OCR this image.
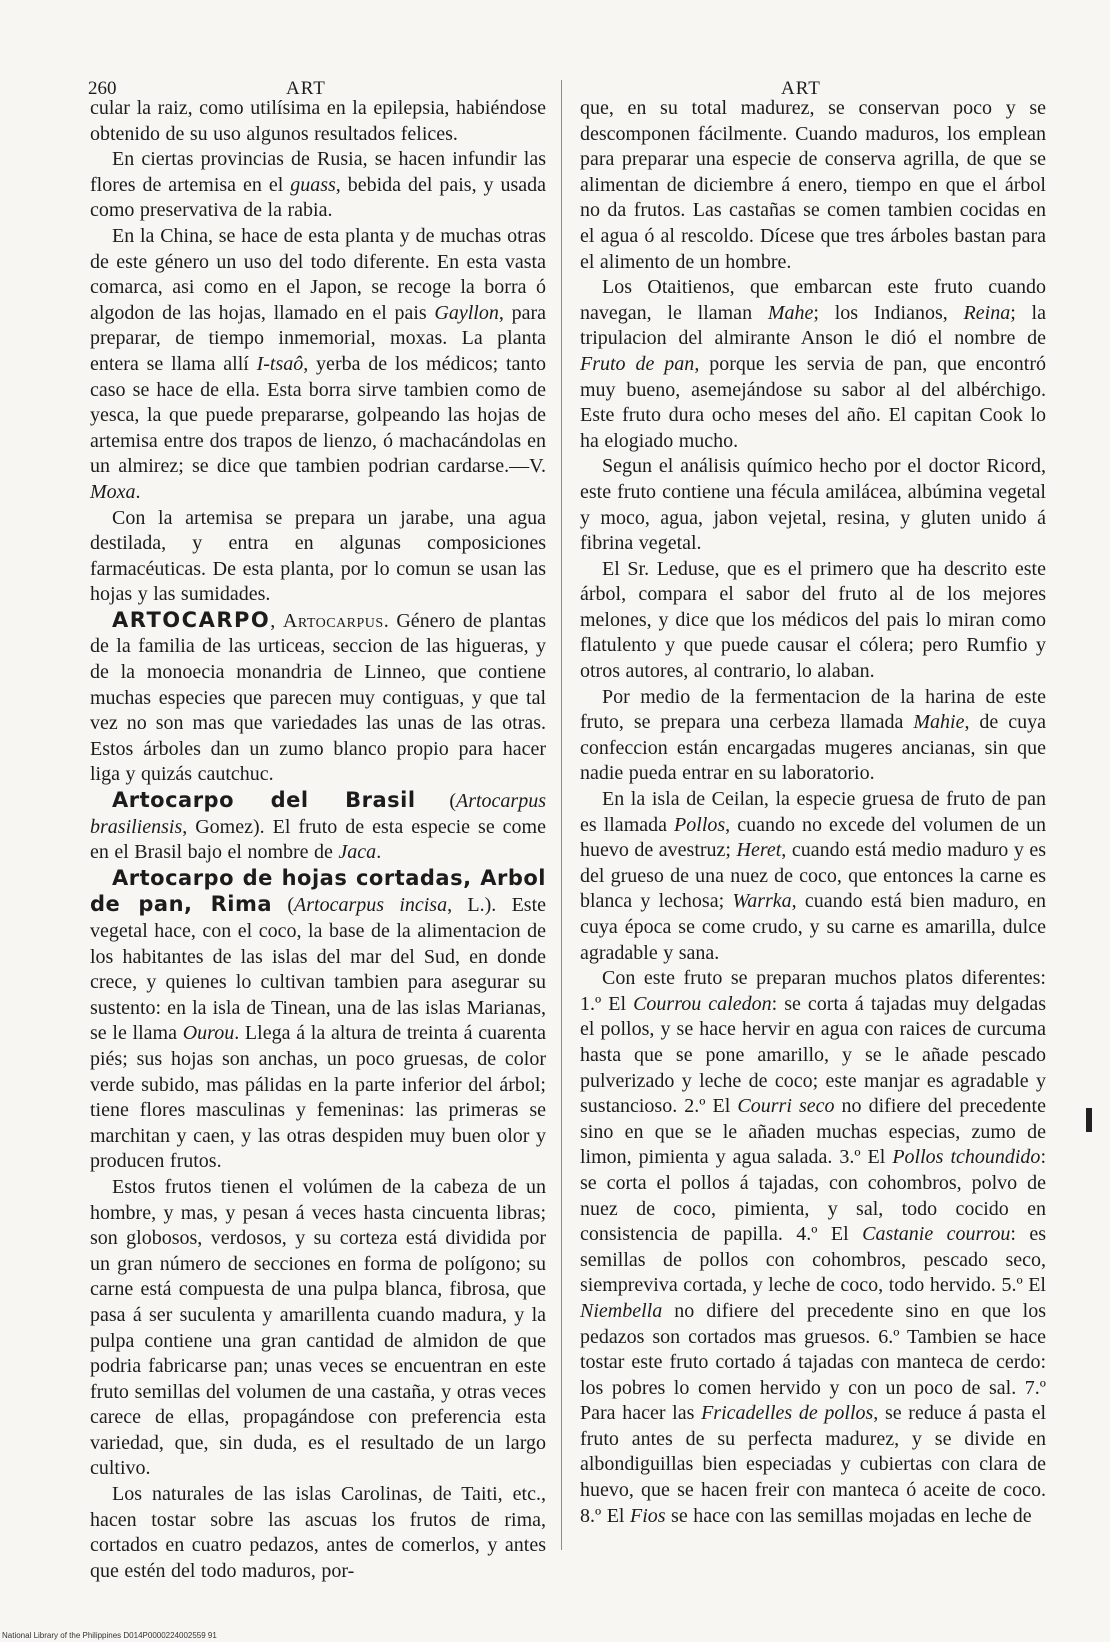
260	ART	ART

cular la raiz, como utilísima en la epilepsia, habiéndose obtenido de su uso algunos resultados felices.

En ciertas provincias de Rusia, se hacen infundir las flores de artemisa en el guass, bebida del pais, y usada como preservativa de la rabia.

En la China, se hace de esta planta y de muchas otras de este género un uso del todo diferente. En esta vasta comarca, asi como en el Japon, se recoge la borra ó algodon de las hojas, llamado en el pais Gayllon, para preparar, de tiempo inmemorial, moxas. La planta entera se llama allí I-tsaô, yerba de los médicos; tanto caso se hace de ella. Esta borra sirve tambien como de yesca, la que puede prepararse, golpeando las hojas de artemisa entre dos trapos de lienzo, ó machacándolas en un almirez; se dice que tambien podrian cardarse.—V. Moxa.

Con la artemisa se prepara un jarabe, una agua destilada, y entra en algunas composiciones farmacéuticas. De esta planta, por lo comun se usan las hojas y las sumidades.

ARTOCARPO, Artocarpus. Género de plantas de la familia de las urticeas, seccion de las higueras, y de la monoecia monandria de Linneo, que contiene muchas especies que parecen muy contiguas, y que tal vez no son mas que variedades las unas de las otras. Estos árboles dan un zumo blanco propio para hacer liga y quizás cautchuc.

Artocarpo del Brasil (Artocarpus brasiliensis, Gomez). El fruto de esta especie se come en el Brasil bajo el nombre de Jaca.

Artocarpo de hojas cortadas, Arbol de pan, Rima (Artocarpus incisa, L.). Este vegetal hace, con el coco, la base de la alimentacion de los habitantes de las islas del mar del Sud, en donde crece, y quienes lo cultivan tambien para asegurar su sustento: en la isla de Tinean, una de las islas Marianas, se le llama Ourou. Llega á la altura de treinta á cuarenta piés; sus hojas son anchas, un poco gruesas, de color verde subido, mas pálidas en la parte inferior del árbol; tiene flores masculinas y femeninas: las primeras se marchitan y caen, y las otras despiden muy buen olor y producen frutos.

Estos frutos tienen el volúmen de la cabeza de un hombre, y mas, y pesan á veces hasta cincuenta libras; son globosos, verdosos, y su corteza está dividida por un gran número de secciones en forma de polígono; su carne está compuesta de una pulpa blanca, fibrosa, que pasa á ser suculenta y amarillenta cuando madura, y la pulpa contiene una gran cantidad de almidon de que podria fabricarse pan; unas veces se encuentran en este fruto semillas del volumen de una castaña, y otras veces carece de ellas, propagándose con preferencia esta variedad, que, sin duda, es el resultado de un largo cultivo.

Los naturales de las islas Carolinas, de Taiti, etc., hacen tostar sobre las ascuas los frutos de rima, cortados en cuatro pedazos, antes de comerlos, y antes que estén del todo maduros, por-

que, en su total madurez, se conservan poco y se descomponen fácilmente. Cuando maduros, los emplean para preparar una especie de conserva agrilla, de que se alimentan de diciembre á enero, tiempo en que el árbol no da frutos. Las castañas se comen tambien cocidas en el agua ó al rescoldo. Dícese que tres árboles bastan para el alimento de un hombre.

Los Otaitienos, que embarcan este fruto cuando navegan, le llaman Mahe; los Indianos, Reina; la tripulacion del almirante Anson le dió el nombre de Fruto de pan, porque les servia de pan, que encontró muy bueno, asemejándose su sabor al del albérchigo. Este fruto dura ocho meses del año. El capitan Cook lo ha elogiado mucho.

Segun el análisis químico hecho por el doctor Ricord, este fruto contiene una fécula amilácea, albúmina vegetal y moco, agua, jabon vejetal, resina, y gluten unido á fibrina vegetal.

El Sr. Leduse, que es el primero que ha descrito este árbol, compara el sabor del fruto al de los mejores melones, y dice que los médicos del pais lo miran como flatulento y que puede causar el cólera; pero Rumfio y otros autores, al contrario, lo alaban.

Por medio de la fermentacion de la harina de este fruto, se prepara una cerbeza llamada Mahie, de cuya confeccion están encargadas mugeres ancianas, sin que nadie pueda entrar en su laboratorio.

En la isla de Ceilan, la especie gruesa de fruto de pan es llamada Pollos, cuando no excede del volumen de un huevo de avestruz; Heret, cuando está medio maduro y es del grueso de una nuez de coco, que entonces la carne es blanca y lechosa; Warrka, cuando está bien maduro, en cuya época se come crudo, y su carne es amarilla, dulce agradable y sana.

Con este fruto se preparan muchos platos diferentes: 1.º El Courrou caledon: se corta á tajadas muy delgadas el pollos, y se hace hervir en agua con raices de curcuma hasta que se pone amarillo, y se le añade pescado pulverizado y leche de coco; este manjar es agradable y sustancioso. 2.º El Courri seco no difiere del precedente sino en que se le añaden muchas especias, zumo de limon, pimienta y agua salada. 3.º El Pollos tchoundido: se corta el pollos á tajadas, con cohombros, polvo de nuez de coco, pimienta, y sal, todo cocido en consistencia de papilla. 4.º El Castanie courrou: es semillas de pollos con cohombros, pescado seco, siempreviva cortada, y leche de coco, todo hervido. 5.º El Niembella no difiere del precedente sino en que los pedazos son cortados mas gruesos. 6.º Tambien se hace tostar este fruto cortado á tajadas con manteca de cerdo: los pobres lo comen hervido y con un poco de sal. 7.º Para hacer las Fricadelles de pollos, se reduce á pasta el fruto antes de su perfecta madurez, y se divide en albondiguillas bien especiadas y cubiertas con clara de huevo, que se hacen freir con manteca ó aceite de coco. 8.º El Fios se hace con las semillas mojadas en leche de

National Library of the Philippines D014P0000224002559 91
